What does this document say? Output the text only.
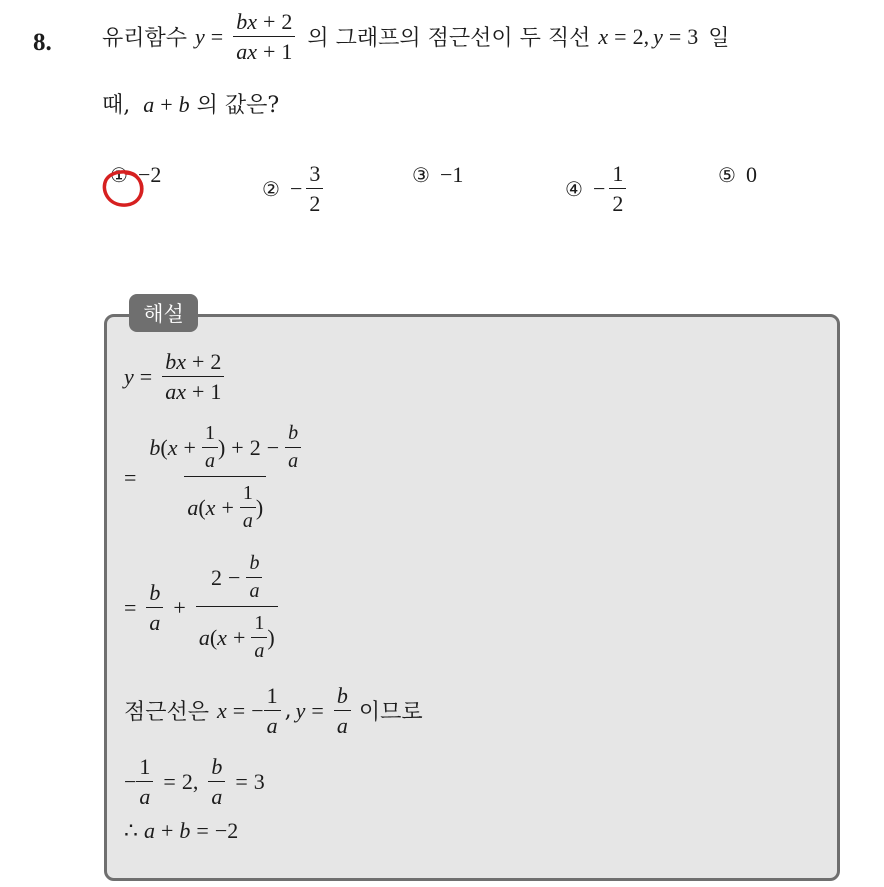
8. 유리함수 $y = \frac{bx + 2}{ax + 1}$ 의 그래프의 점근선이 두 직선 x = 2, y = 3 일
때, a + b 의 값은?
① −2
② − $\frac{3}{2}$	③ −1
④ − $\frac{1}{2}$	⑤ 0
해설
$y = \frac{bx + 2}{ax + 1}$
= $\frac{b ( x + \frac{1}{a} ) + 2 - \frac{b}{a}}{a ( x + \frac{1}{a} )}$
= $\frac{b}{a} + \frac{2 - \frac{b}{a}}{a ( x + \frac{1}{a} )}$
점근선은 x = − $\frac{1}{a}$ , $y = \frac{b}{a}$ 이므로
− $\frac{1}{a} = 2$, $\frac{b}{a} = 3$
∴ a + b = −2
